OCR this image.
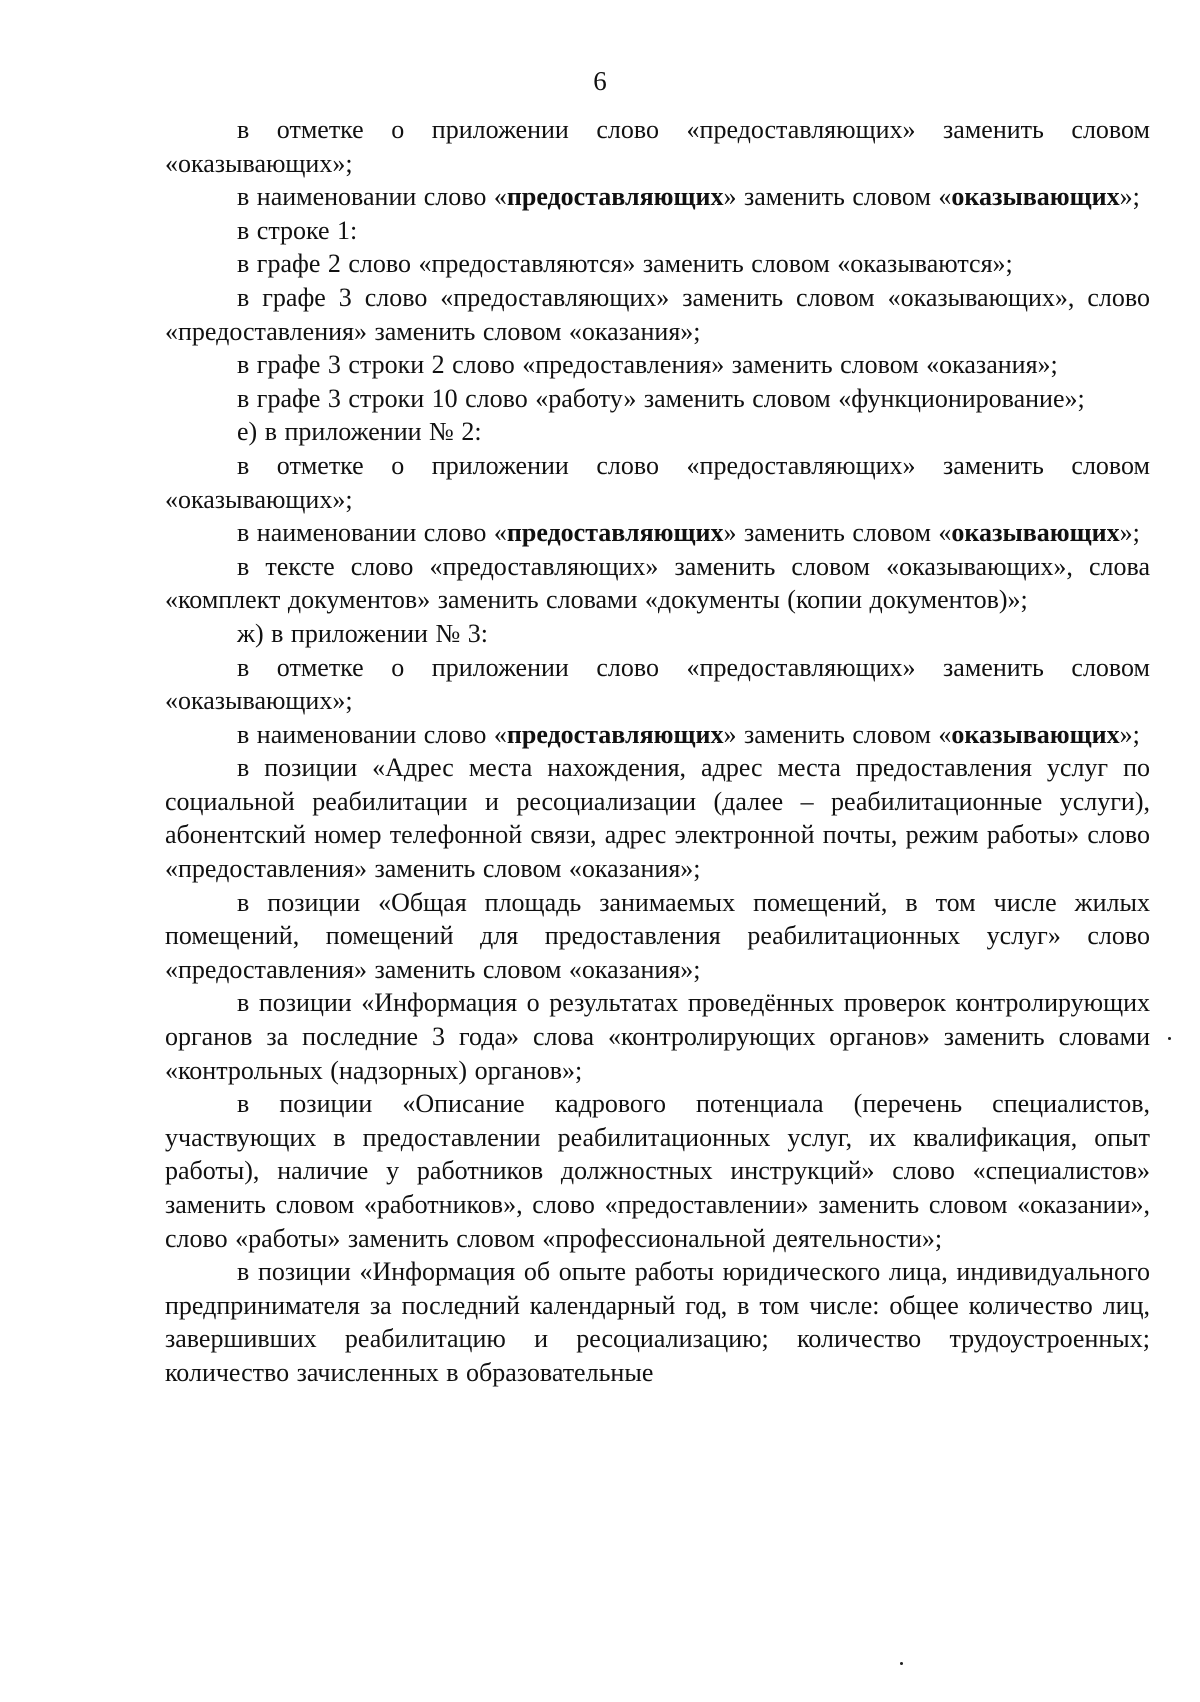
6

в отметке о приложении слово «предоставляющих» заменить словом «оказывающих»;

в наименовании слово «предоставляющих» заменить словом «оказывающих»;

в строке 1:

в графе 2 слово «предоставляются» заменить словом «оказываются»;

в графе 3 слово «предоставляющих» заменить словом «оказывающих», слово «предоставления» заменить словом «оказания»;

в графе 3 строки 2 слово «предоставления» заменить словом «оказания»;

в графе 3 строки 10 слово «работу» заменить словом «функционирование»;

е) в приложении № 2:

в отметке о приложении слово «предоставляющих» заменить словом «оказывающих»;

в наименовании слово «предоставляющих» заменить словом «оказывающих»;

в тексте слово «предоставляющих» заменить словом «оказывающих», слова «комплект документов» заменить словами «документы (копии документов)»;

ж) в приложении № 3:

в отметке о приложении слово «предоставляющих» заменить словом «оказывающих»;

в наименовании слово «предоставляющих» заменить словом «оказывающих»;

в позиции «Адрес места нахождения, адрес места предоставления услуг по социальной реабилитации и ресоциализации (далее – реабилитационные услуги), абонентский номер телефонной связи, адрес электронной почты, режим работы» слово «предоставления» заменить словом «оказания»;

в позиции «Общая площадь занимаемых помещений, в том числе жилых помещений, помещений для предоставления реабилитационных услуг» слово «предоставления» заменить словом «оказания»;

в позиции «Информация о результатах проведённых проверок контролирующих органов за последние 3 года» слова «контролирующих органов» заменить словами «контрольных (надзорных) органов»;

в позиции «Описание кадрового потенциала (перечень специалистов, участвующих в предоставлении реабилитационных услуг, их квалификация, опыт работы), наличие у работников должностных инструкций» слово «специалистов» заменить словом «работников», слово «предоставлении» заменить словом «оказании», слово «работы» заменить словом «профессиональной деятельности»;

в позиции «Информация об опыте работы юридического лица, индивидуального предпринимателя за последний календарный год, в том числе: общее количество лиц, завершивших реабилитацию и ресоциализацию; количество трудоустроенных; количество зачисленных в образовательные
